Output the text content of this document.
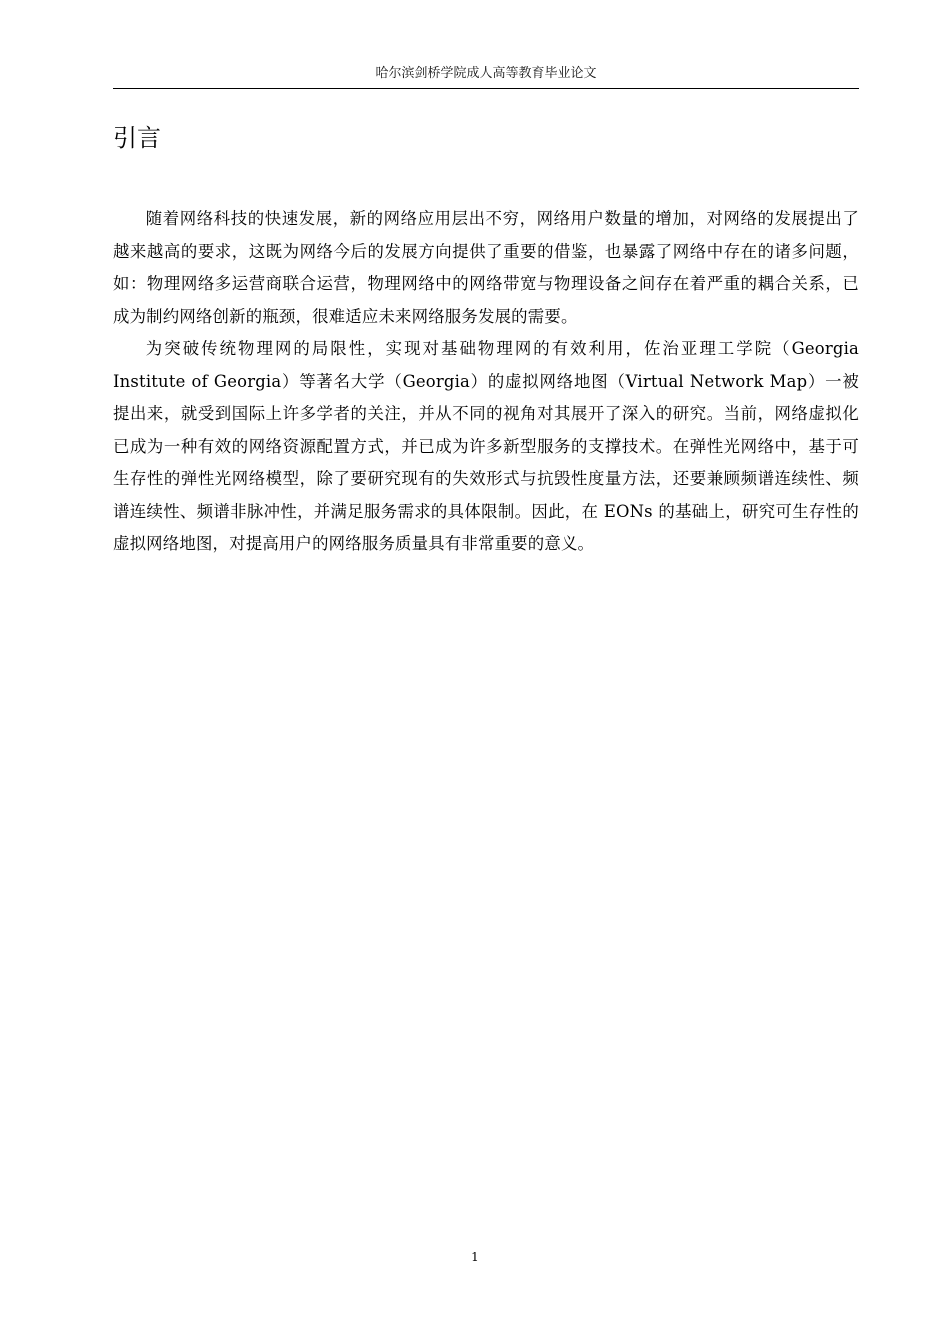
哈尔滨剑桥学院成人高等教育毕业论文
引言

随着网络科技的快速发展，新的网络应用层出不穷，网络用户数量的增加，对网络的发展提出了越来越高的要求，这既为网络今后的发展方向提供了重要的借鉴，也暴露了网络中存在的诸多问题，如：物理网络多运营商联合运营，物理网络中的网络带宽与物理设备之间存在着严重的耦合关系，已成为制约网络创新的瓶颈，很难适应未来网络服务发展的需要。

为突破传统物理网的局限性，实现对基础物理网的有效利用，佐治亚理工学院（Georgia Institute of Georgia）等著名大学（Georgia）的虚拟网络地图（Virtual Network Map）一被提出来，就受到国际上许多学者的关注，并从不同的视角对其展开了深入的研究。当前，网络虚拟化已成为一种有效的网络资源配置方式，并已成为许多新型服务的支撑技术。在弹性光网络中，基于可生存性的弹性光网络模型，除了要研究现有的失效形式与抗毁性度量方法，还要兼顾频谱连续性、频谱连续性、频谱非脉冲性，并满足服务需求的具体限制。因此，在 EONs 的基础上，研究可生存性的虚拟网络地图，对提高用户的网络服务质量具有非常重要的意义。

1
